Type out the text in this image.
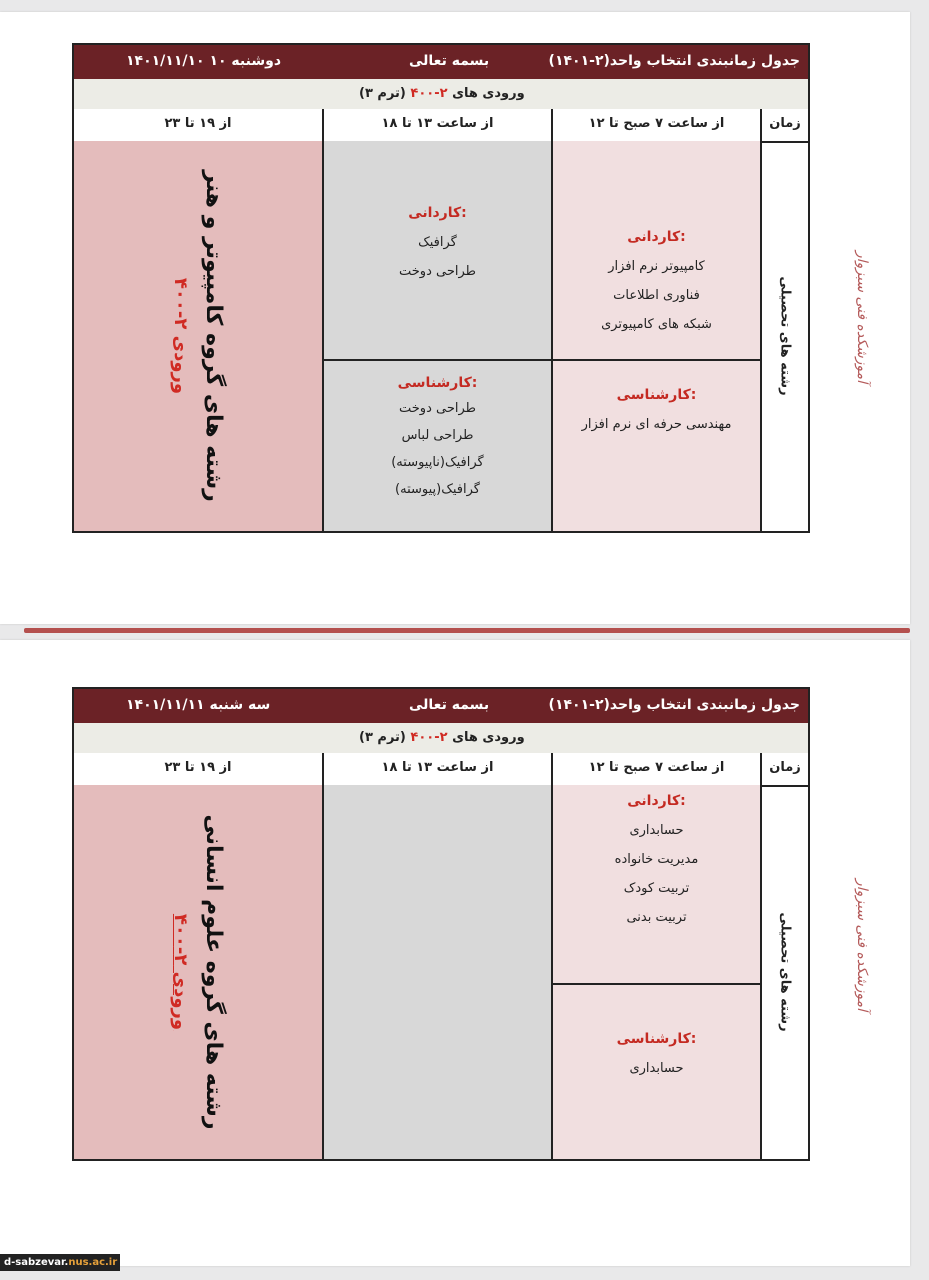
جدول زمانبندی انتخاب واحد(۲-۱۴۰۱)
بسمه تعالی
دوشنبه ۱۰ ۱۴۰۱/۱۱/۱۰
ورودی های ۲-۴۰۰ (ترم ۳)
زمان
از ساعت ۷ صبح تا ۱۲
از ساعت ۱۳ تا ۱۸
از ۱۹ تا ۲۳
رشته های تحصیلی
کاردانی:
کامپیوتر نرم افزار
فناوری اطلاعات
شبکه های کامپیوتری
کارشناسی:
مهندسی حرفه ای نرم افزار
کاردانی:
گرافیک
طراحی دوخت
کارشناسی:
طراحی دوخت
طراحی لباس
گرافیک(ناپیوسته)
گرافیک(پیوسته)
رشته های گروه کامپیوتر و هنر
ورودی ۲-۴۰۰	آموزشکده فنی سبزوار
جدول زمانبندی انتخاب واحد(۲-۱۴۰۱)
بسمه تعالی
سه شنبه ۱۴۰۱/۱۱/۱۱
ورودی های ۲-۴۰۰ (ترم ۳)
زمان
از ساعت ۷ صبح تا ۱۲
از ساعت ۱۳ تا ۱۸
از ۱۹ تا ۲۳
رشته های تحصیلی
کاردانی:
حسابداری
مدیریت خانواده
تربیت کودک
تربیت بدنی
کارشناسی:
حسابداری
رشته های گروه علوم انسانی
ورودی ۲-۴۰۰	آموزشکده فنی سبزوار
d-sabzevar.nus.ac.ir
